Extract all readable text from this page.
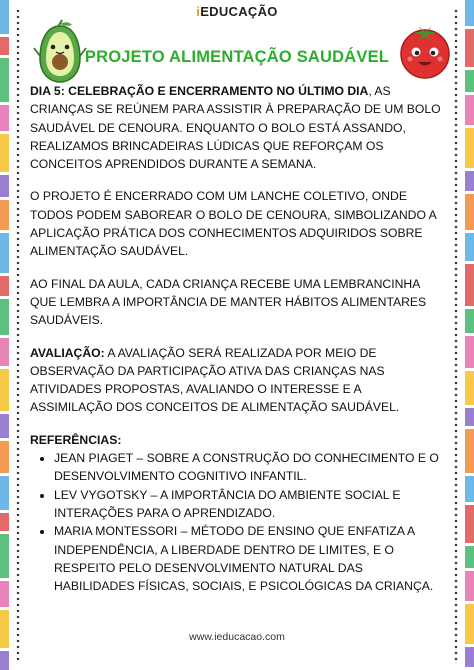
iEDUCAÇÃO
PROJETO ALIMENTAÇÃO SAUDÁVEL

DIA 5: CELEBRAÇÃO E ENCERRAMENTO NO ÚLTIMO DIA, AS CRIANÇAS SE REÚNEM PARA ASSISTIR À PREPARAÇÃO DE UM BOLO SAUDÁVEL DE CENOURA. ENQUANTO O BOLO ESTÁ ASSANDO, REALIZAMOS BRINCADEIRAS LÚDICAS QUE REFORÇAM OS CONCEITOS APRENDIDOS DURANTE A SEMANA.

O PROJETO É ENCERRADO COM UM LANCHE COLETIVO, ONDE TODOS PODEM SABOREAR O BOLO DE CENOURA, SIMBOLIZANDO A APLICAÇÃO PRÁTICA DOS CONHECIMENTOS ADQUIRIDOS SOBRE ALIMENTAÇÃO SAUDÁVEL.

AO FINAL DA AULA, CADA CRIANÇA RECEBE UMA LEMBRANCINHA QUE LEMBRA A IMPORTÂNCIA DE MANTER HÁBITOS ALIMENTARES SAUDÁVEIS.

AVALIAÇÃO: A AVALIAÇÃO SERÁ REALIZADA POR MEIO DE OBSERVAÇÃO DA PARTICIPAÇÃO ATIVA DAS CRIANÇAS NAS ATIVIDADES PROPOSTAS, AVALIANDO O INTERESSE E A ASSIMILAÇÃO DOS CONCEITOS DE ALIMENTAÇÃO SAUDÁVEL.

REFERÊNCIAS:
• JEAN PIAGET – SOBRE A CONSTRUÇÃO DO CONHECIMENTO E O DESENVOLVIMENTO COGNITIVO INFANTIL.
• LEV VYGOTSKY – A IMPORTÂNCIA DO AMBIENTE SOCIAL E INTERAÇÕES PARA O APRENDIZADO.
• MARIA MONTESSORI – MÉTODO DE ENSINO QUE ENFATIZA A INDEPENDÊNCIA, A LIBERDADE DENTRO DE LIMITES, E O RESPEITO PELO DESENVOLVIMENTO NATURAL DAS HABILIDADES FÍSICAS, SOCIAIS, E PSICOLÓGICAS DA CRIANÇA.
www.ieducacao.com
